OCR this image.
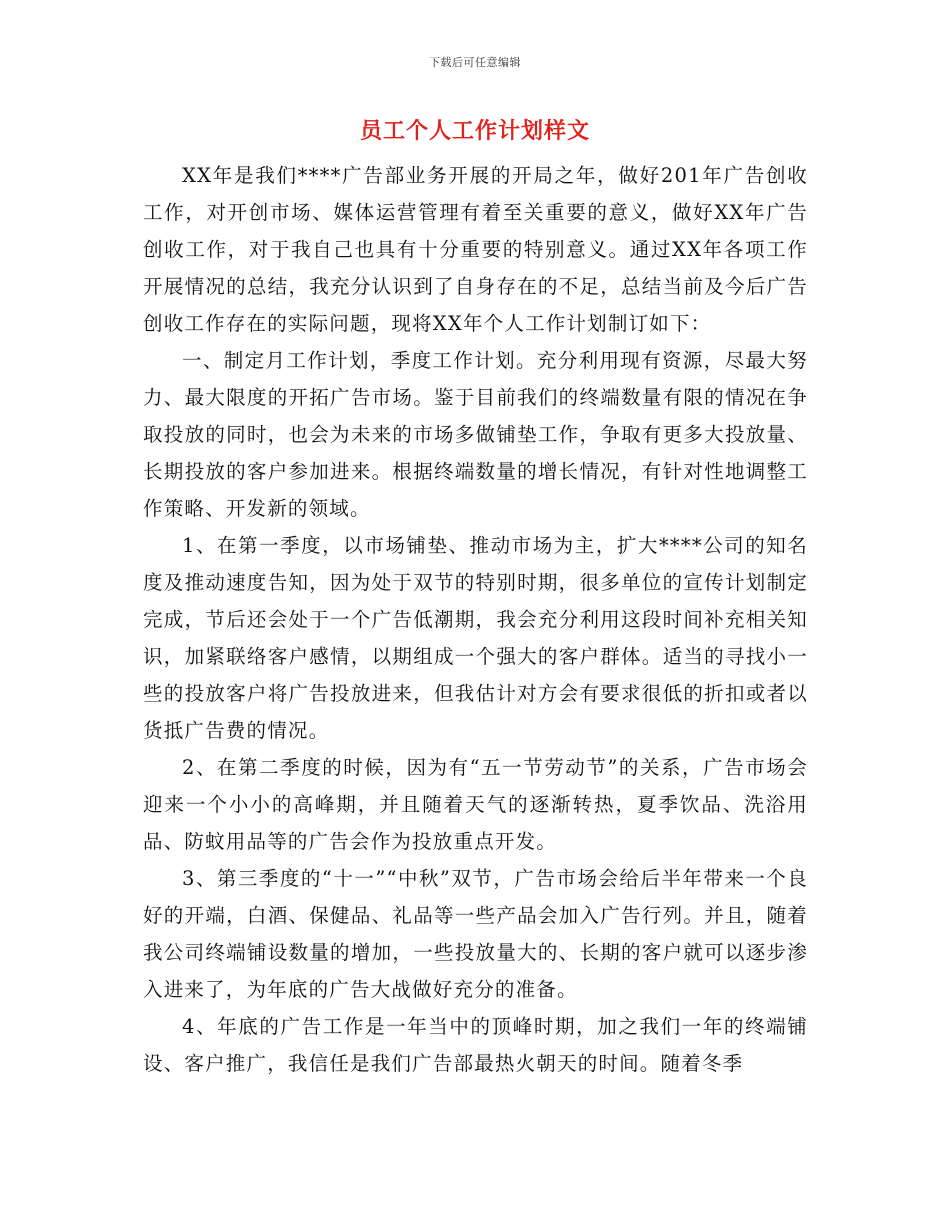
下载后可任意编辑
员工个人工作计划样文

XX年是我们****广告部业务开展的开局之年，做好201年广告创收工作，对开创市场、媒体运营管理有着至关重要的意义，做好XX年广告创收工作，对于我自己也具有十分重要的特别意义。通过XX年各项工作开展情况的总结，我充分认识到了自身存在的不足，总结当前及今后广告创收工作存在的实际问题，现将XX年个人工作计划制订如下：

一、制定月工作计划，季度工作计划。充分利用现有资源，尽最大努力、最大限度的开拓广告市场。鉴于目前我们的终端数量有限的情况在争取投放的同时，也会为未来的市场多做铺垫工作，争取有更多大投放量、长期投放的客户参加进来。根据终端数量的增长情况，有针对性地调整工作策略、开发新的领域。

1、在第一季度，以市场铺垫、推动市场为主，扩大****公司的知名度及推动速度告知，因为处于双节的特别时期，很多单位的宣传计划制定完成，节后还会处于一个广告低潮期，我会充分利用这段时间补充相关知识，加紧联络客户感情，以期组成一个强大的客户群体。适当的寻找小一些的投放客户将广告投放进来，但我估计对方会有要求很低的折扣或者以货抵广告费的情况。

2、在第二季度的时候，因为有“五一节劳动节”的关系，广告市场会迎来一个小小的高峰期，并且随着天气的逐渐转热，夏季饮品、洗浴用品、防蚊用品等的广告会作为投放重点开发。

3、第三季度的“十一”“中秋”双节，广告市场会给后半年带来一个良好的开端，白酒、保健品、礼品等一些产品会加入广告行列。并且，随着我公司终端铺设数量的增加，一些投放量大的、长期的客户就可以逐步渗入进来了，为年底的广告大战做好充分的准备。

4、年底的广告工作是一年当中的顶峰时期，加之我们一年的终端铺设、客户推广，我信任是我们广告部最热火朝天的时间。随着冬季
